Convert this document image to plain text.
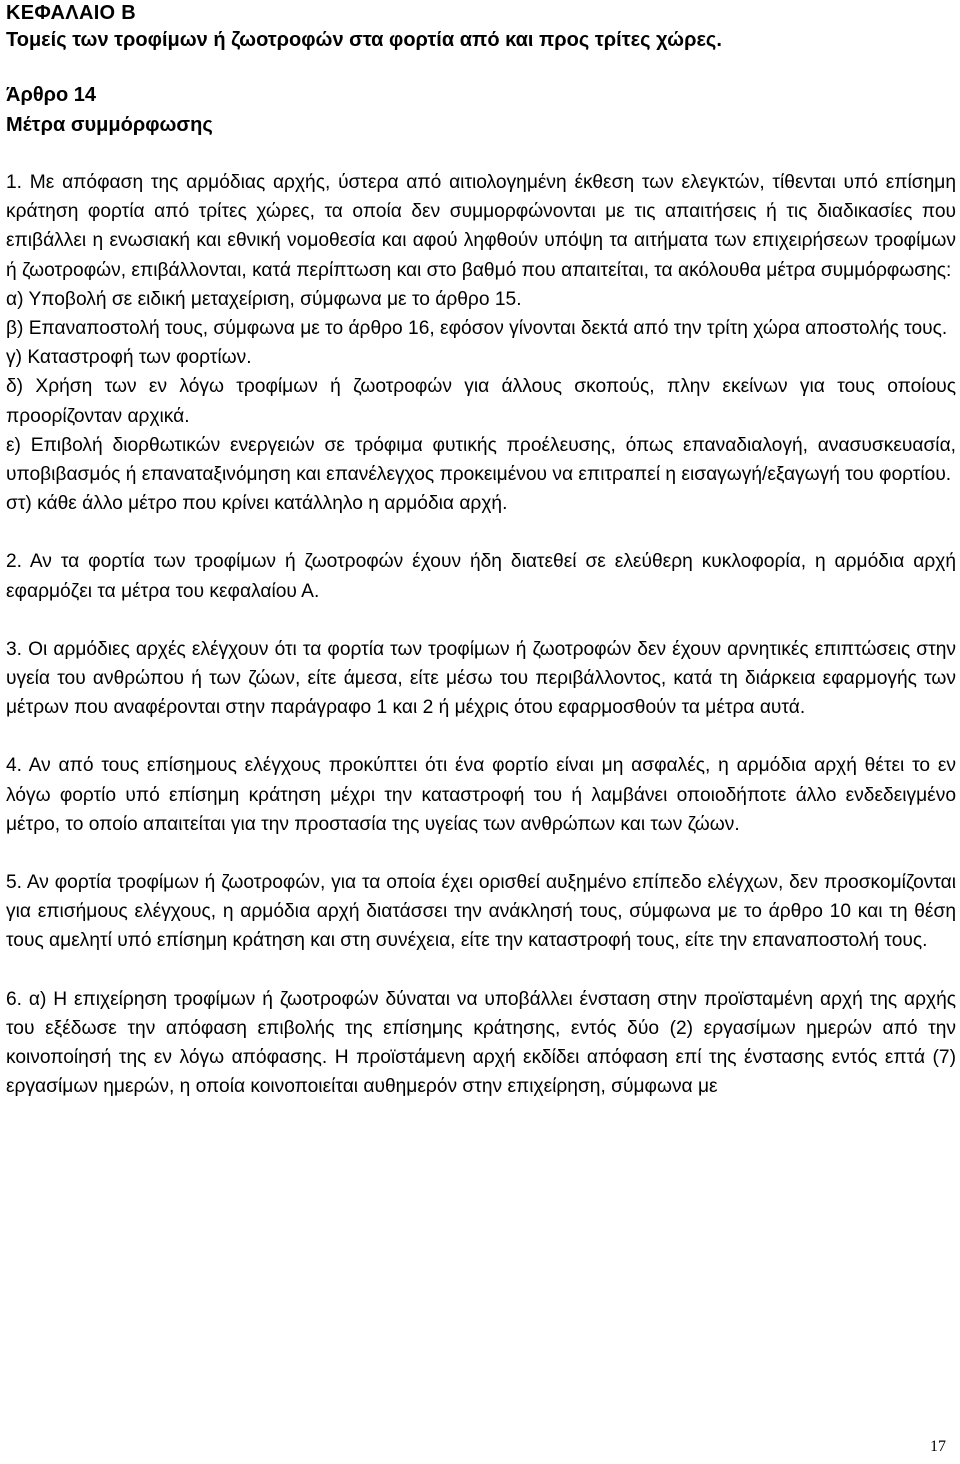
ΚΕΦΑΛΑΙΟ Β

Τομείς των τροφίμων ή ζωοτροφών στα φορτία από και προς τρίτες χώρες.

Άρθρο 14

Μέτρα συμμόρφωσης

1. Με απόφαση της αρμόδιας αρχής, ύστερα από αιτιολογημένη έκθεση των ελεγκτών, τίθενται υπό επίσημη κράτηση φορτία από τρίτες χώρες, τα οποία δεν συμμορφώνονται με τις απαιτήσεις ή τις διαδικασίες που επιβάλλει η ενωσιακή και εθνική νομοθεσία και αφού ληφθούν υπόψη τα αιτήματα των επιχειρήσεων τροφίμων ή ζωοτροφών, επιβάλλονται, κατά περίπτωση και στο βαθμό που απαιτείται, τα ακόλουθα μέτρα συμμόρφωσης:

α) Υποβολή σε ειδική μεταχείριση, σύμφωνα με το άρθρο 15.

β) Επαναποστολή τους, σύμφωνα με το άρθρο 16, εφόσον γίνονται δεκτά από την τρίτη χώρα αποστολής τους.

γ) Καταστροφή των φορτίων.

δ) Χρήση των εν λόγω τροφίμων ή ζωοτροφών για άλλους σκοπούς, πλην εκείνων για τους οποίους προορίζονταν αρχικά.

ε) Επιβολή διορθωτικών ενεργειών σε τρόφιμα φυτικής προέλευσης, όπως επαναδιαλογή, ανασυσκευασία, υποβιβασμός ή επαναταξινόμηση και επανέλεγχος προκειμένου να επιτραπεί η εισαγωγή/εξαγωγή του φορτίου.

στ) κάθε άλλο μέτρο που κρίνει κατάλληλο η αρμόδια αρχή.

2. Αν τα φορτία των τροφίμων ή ζωοτροφών έχουν ήδη διατεθεί σε ελεύθερη κυκλοφορία, η αρμόδια αρχή εφαρμόζει τα μέτρα του κεφαλαίου Α.

3. Οι αρμόδιες αρχές ελέγχουν ότι τα φορτία των τροφίμων ή ζωοτροφών δεν έχουν αρνητικές επιπτώσεις στην υγεία του ανθρώπου ή των ζώων, είτε άμεσα, είτε μέσω του περιβάλλοντος, κατά τη διάρκεια εφαρμογής των μέτρων που αναφέρονται στην παράγραφο 1 και 2 ή μέχρις ότου εφαρμοσθούν τα μέτρα αυτά.

4. Αν από τους επίσημους ελέγχους προκύπτει ότι ένα φορτίο είναι μη ασφαλές, η αρμόδια αρχή θέτει το εν λόγω φορτίο υπό επίσημη κράτηση μέχρι την καταστροφή του ή λαμβάνει οποιοδήποτε άλλο ενδεδειγμένο μέτρο, το οποίο απαιτείται για την προστασία της υγείας των ανθρώπων και των ζώων.

5. Αν φορτία τροφίμων ή ζωοτροφών, για τα οποία έχει ορισθεί αυξημένο επίπεδο ελέγχων, δεν προσκομίζονται για επισήμους ελέγχους, η αρμόδια αρχή διατάσσει την ανάκλησή τους, σύμφωνα με το άρθρο 10 και τη θέση τους αμελητί υπό επίσημη κράτηση και στη συνέχεια, είτε την καταστροφή τους, είτε την επαναποστολή τους.

6. α) Η επιχείρηση τροφίμων ή ζωοτροφών δύναται να υποβάλλει ένσταση στην προϊσταμένη αρχή της αρχής του εξέδωσε την απόφαση επιβολής της επίσημης κράτησης, εντός δύο (2) εργασίμων ημερών από την κοινοποίησή της εν λόγω απόφασης. Η προϊστάμενη αρχή εκδίδει απόφαση επί της ένστασης εντός επτά (7) εργασίμων ημερών, η οποία κοινοποιείται αυθημερόν στην επιχείρηση, σύμφωνα με

17
